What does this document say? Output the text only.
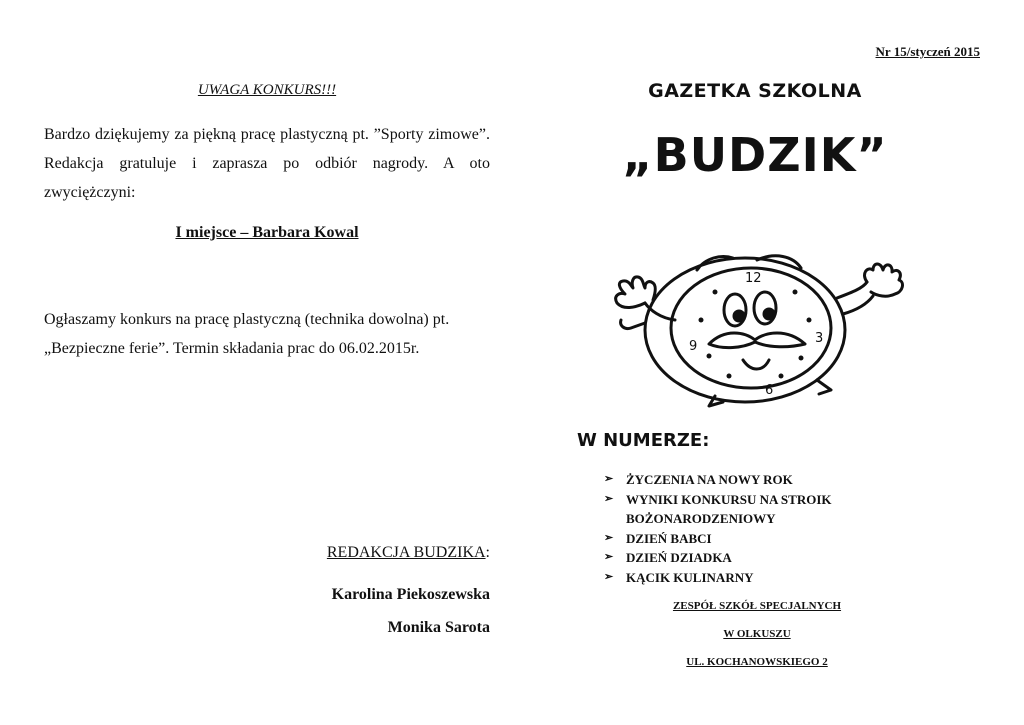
UWAGA KONKURS!!!
Bardzo dziękujemy za piękną pracę plastyczną pt. ”Sporty zimowe”. Redakcja gratuluje i zaprasza po odbiór nagrody. A oto zwyciężczyni:
I miejsce – Barbara Kowal
Ogłaszamy konkurs na pracę plastyczną (technika dowolna) pt. „Bezpieczne ferie”. Termin składania prac do 06.02.2015r.
REDAKCJA BUDZIKA:
Karolina Piekoszewska
Monika Sarota
Nr 15/styczeń 2015
GAZETKA SZKOLNA
„BUDZIK”
12
3
6
9
W NUMERZE:
➢ ŻYCZENIA NA NOWY ROK
➢ WYNIKI KONKURSU NA STROIK BOŻONARODZENIOWY
➢ DZIEŃ BABCI
➢ DZIEŃ DZIADKA
➢ KĄCIK KULINARNY
ZESPÓŁ SZKÓŁ SPECJALNYCH
W OLKUSZU
UL. KOCHANOWSKIEGO 2
